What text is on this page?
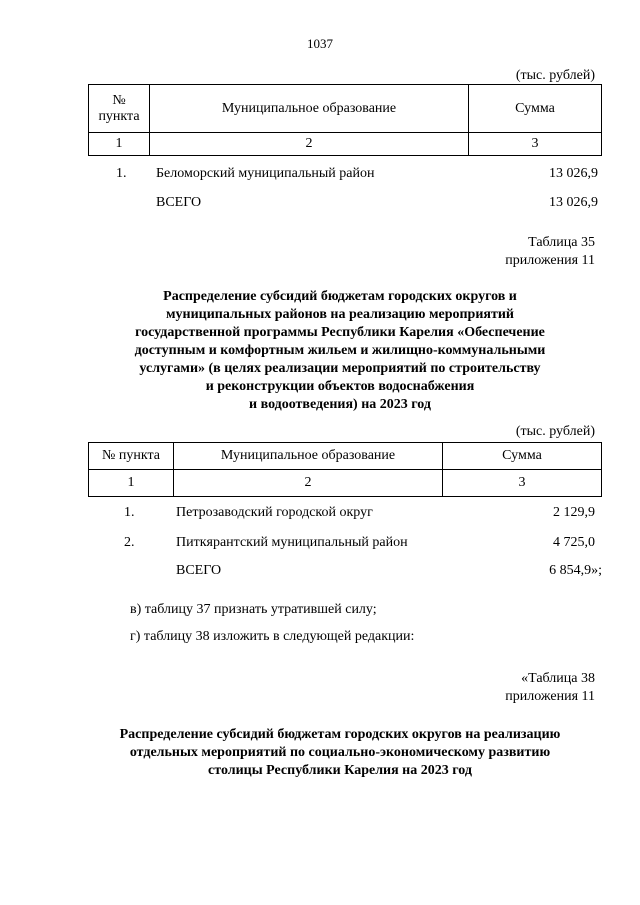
1037
(тыс. рублей)
№
пункта	Муниципальное образование	Сумма
1	2	3
1. Беломорский муниципальный район	13 026,9
ВСЕГО	13 026,9
Таблица 35
приложения 11
Распределение субсидий бюджетам городских округов и
муниципальных районов на реализацию мероприятий
государственной программы Республики Карелия «Обеспечение
доступным и комфортным жильем и жилищно-коммунальными
услугами» (в целях реализации мероприятий по строительству
и реконструкции объектов водоснабжения
и водоотведения) на 2023 год
(тыс. рублей)
№ пункта	Муниципальное образование	Сумма
1	2	3
1.	Петрозаводский городской округ	2 129,9
2.	Питкярантский муниципальный район	4 725,0
ВСЕГО	6 854,9»;
в) таблицу 37 признать утратившей силу;
г) таблицу 38 изложить в следующей редакции:
«Таблица 38
приложения 11
Распределение субсидий бюджетам городских округов на реализацию
отдельных мероприятий по социально-экономическому развитию
столицы Республики Карелия на 2023 год
